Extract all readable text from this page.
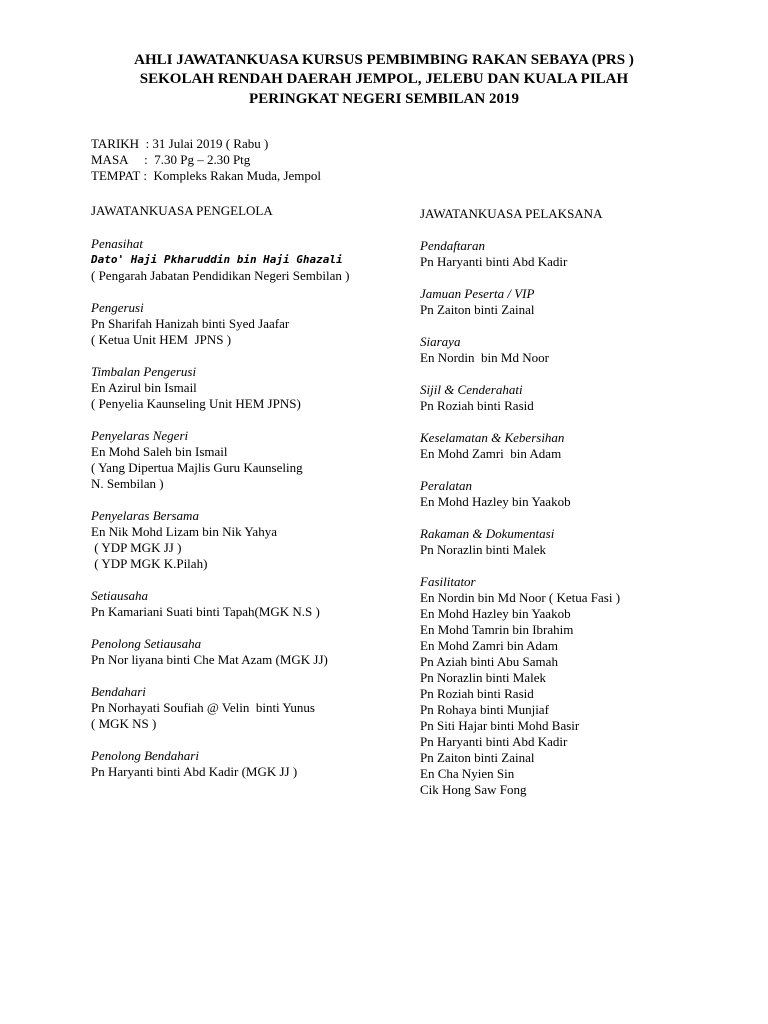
AHLI JAWATANKUASA KURSUS PEMBIMBING RAKAN SEBAYA (PRS )
SEKOLAH RENDAH DAERAH JEMPOL, JELEBU DAN KUALA PILAH
PERINGKAT NEGERI SEMBILAN 2019
TARIKH  : 31 Julai 2019 ( Rabu )
MASA     :  7.30 Pg – 2.30 Ptg
TEMPAT :  Kompleks Rakan Muda, Jempol
JAWATANKUASA PENGELOLA
Penasihat
Dato' Haji Pkharuddin bin Haji Ghazali
( Pengarah Jabatan Pendidikan Negeri Sembilan )
Pengerusi
Pn Sharifah Hanizah binti Syed Jaafar
( Ketua Unit HEM  JPNS )
Timbalan Pengerusi
En Azirul bin Ismail
( Penyelia Kaunseling Unit HEM JPNS)
Penyelaras Negeri
En Mohd Saleh bin Ismail
( Yang Dipertua Majlis Guru Kaunseling
N. Sembilan )
Penyelaras Bersama
En Nik Mohd Lizam bin Nik Yahya
( YDP MGK JJ )
( YDP MGK K.Pilah)
Setiausaha
Pn Kamariani Suati binti Tapah(MGK N.S )
Penolong Setiausaha
Pn Nor liyana binti Che Mat Azam (MGK JJ)
Bendahari
Pn Norhayati Soufiah @ Velin  binti Yunus
( MGK NS )
Penolong Bendahari
Pn Haryanti binti Abd Kadir (MGK JJ )
JAWATANKUASA PELAKSANA
Pendaftaran
Pn Haryanti binti Abd Kadir
Jamuan Peserta / VIP
Pn Zaiton binti Zainal
Siaraya
En Nordin  bin Md Noor
Sijil & Cenderahati
Pn Roziah binti Rasid
Keselamatan & Kebersihan
En Mohd Zamri  bin Adam
Peralatan
En Mohd Hazley bin Yaakob
Rakaman & Dokumentasi
Pn Norazlin binti Malek
Fasilitator
En Nordin bin Md Noor ( Ketua Fasi )
En Mohd Hazley bin Yaakob
En Mohd Tamrin bin Ibrahim
En Mohd Zamri bin Adam
Pn Aziah binti Abu Samah
Pn Norazlin binti Malek
Pn Roziah binti Rasid
Pn Rohaya binti Munjiaf
Pn Siti Hajar binti Mohd Basir
Pn Haryanti binti Abd Kadir
Pn Zaiton binti Zainal
En Cha Nyien Sin
Cik Hong Saw Fong
